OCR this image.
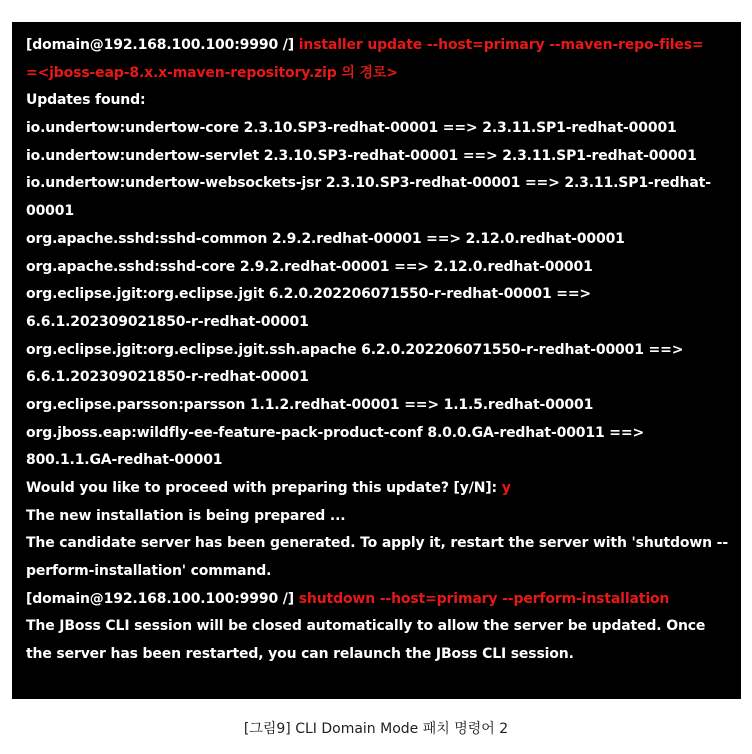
[domain@192.168.100.100:9990 /] installer update --host=primary --maven-repo-files=
=<jboss-eap-8.x.x-maven-repository.zip 의 경로>
Updates found:
io.undertow:undertow-core 2.3.10.SP3-redhat-00001 ==> 2.3.11.SP1-redhat-00001
io.undertow:undertow-servlet 2.3.10.SP3-redhat-00001 ==> 2.3.11.SP1-redhat-00001
io.undertow:undertow-websockets-jsr 2.3.10.SP3-redhat-00001 ==> 2.3.11.SP1-redhat-
00001
org.apache.sshd:sshd-common 2.9.2.redhat-00001 ==> 2.12.0.redhat-00001
org.apache.sshd:sshd-core 2.9.2.redhat-00001 ==> 2.12.0.redhat-00001
org.eclipse.jgit:org.eclipse.jgit 6.2.0.202206071550-r-redhat-00001 ==>
6.6.1.202309021850-r-redhat-00001
org.eclipse.jgit:org.eclipse.jgit.ssh.apache 6.2.0.202206071550-r-redhat-00001 ==>
6.6.1.202309021850-r-redhat-00001
org.eclipse.parsson:parsson 1.1.2.redhat-00001 ==> 1.1.5.redhat-00001
org.jboss.eap:wildfly-ee-feature-pack-product-conf 8.0.0.GA-redhat-00011 ==>
800.1.1.GA-redhat-00001
Would you like to proceed with preparing this update? [y/N]: y
The new installation is being prepared ...
The candidate server has been generated. To apply it, restart the server with 'shutdown --
perform-installation' command.
[domain@192.168.100.100:9990 /] shutdown --host=primary --perform-installation
The JBoss CLI session will be closed automatically to allow the server be updated. Once
the server has been restarted, you can relaunch the JBoss CLI session.
[그림9] CLI Domain Mode 패치 명령어 2
